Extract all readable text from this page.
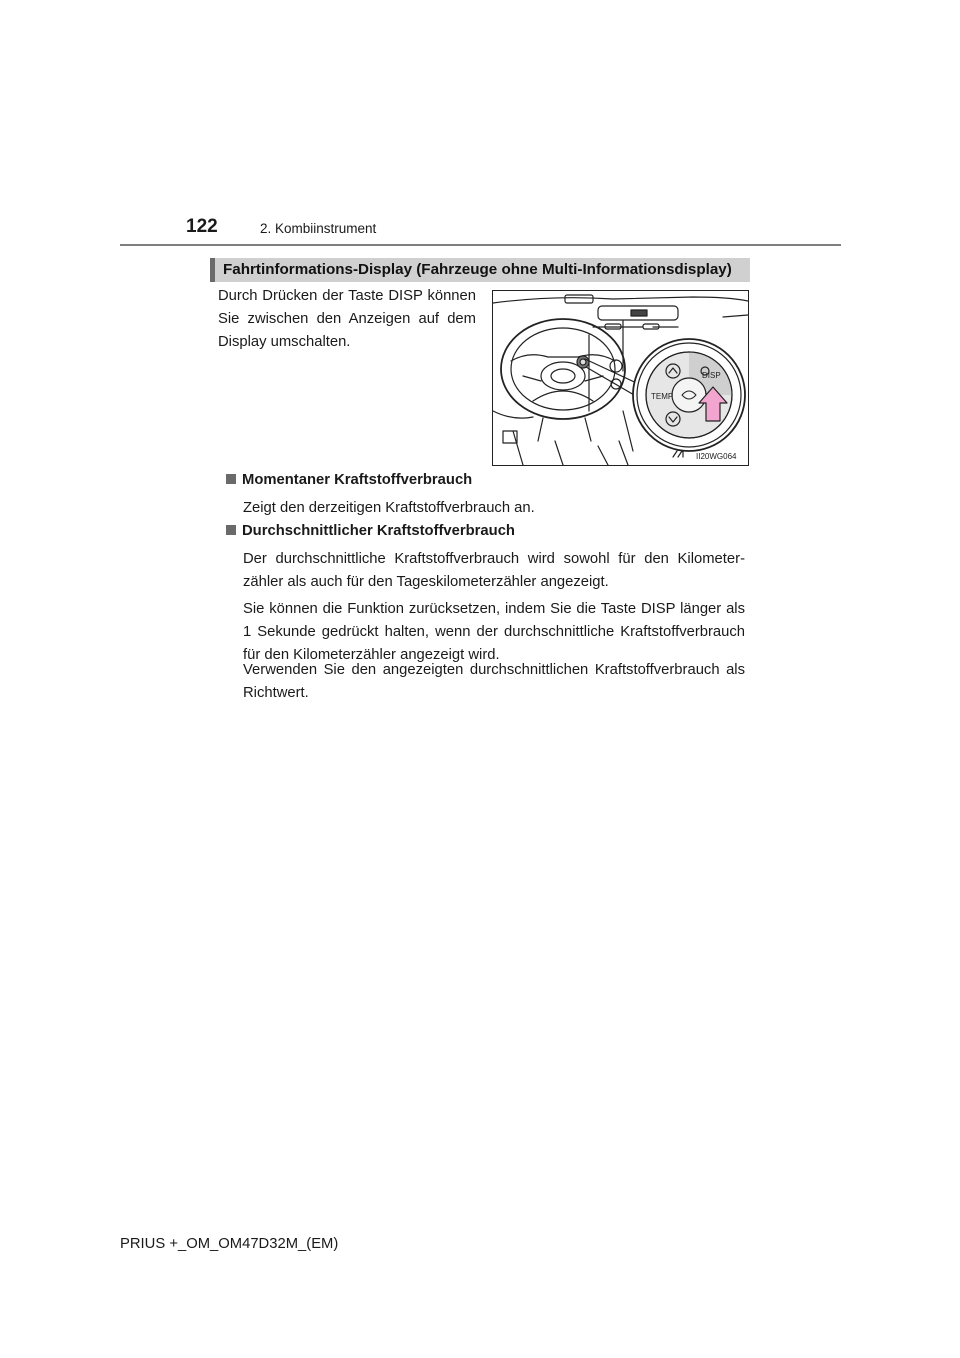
122	2. Kombiinstrument
Fahrtinformations-Display (Fahrzeuge ohne Multi-Informationsdisplay)
Durch Drücken der Taste DISP können Sie zwischen den Anzeigen auf dem Display umschalten.
DISP
TEMP
II20WG064
Momentaner Kraftstoffverbrauch
Zeigt den derzeitigen Kraftstoffverbrauch an.
Durchschnittlicher Kraftstoffverbrauch
Der durchschnittliche Kraftstoffverbrauch wird sowohl für den Kilometerzähler als auch für den Tageskilometerzähler angezeigt.
Sie können die Funktion zurücksetzen, indem Sie die Taste DISP länger als 1 Sekunde gedrückt halten, wenn der durchschnittliche Kraftstoffverbrauch für den Kilometerzähler angezeigt wird.
Verwenden Sie den angezeigten durchschnittlichen Kraftstoffverbrauch als Richtwert.
PRIUS +_OM_OM47D32M_(EM)
